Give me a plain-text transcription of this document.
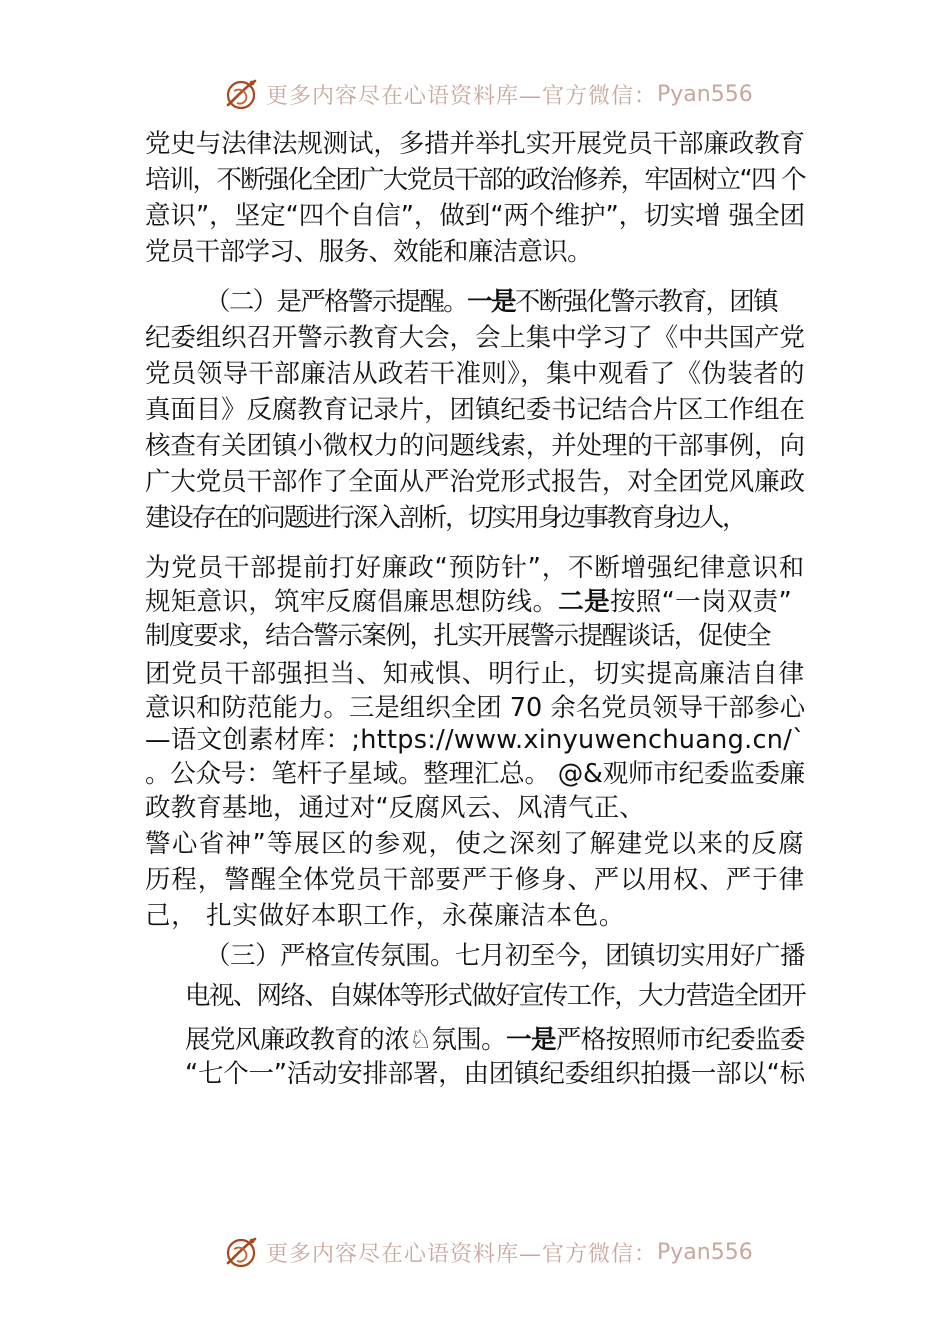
更多内容尽在心语资料库—官方微信： Pyan556
党史与法律法规测试，多措并举扎实开展党员干部廉政教育
培训，不断强化全团广大党员干部的政治修养，牢固树立“四 个
意识”，坚定“四个自信”，做到“两个维护”，切实增 强全团
党员干部学习、服务、效能和廉洁意识。
（二）是严格警示提醒。一是不断强化警示教育，团镇
纪委组织召开警示教育大会，会上集中学习了《中共国产党
党员领导干部廉洁从政若干准则》，集中观看了《伪装者的
真面目》反腐教育记录片，团镇纪委书记结合片区工作组在
核查有关团镇小微权力的问题线索，并处理的干部事例，向
广大党员干部作了全面从严治党形式报告，对全团党风廉政
建设存在的问题进行深入剖析，切实用身边事教育身边人，
为党员干部提前打好廉政“预防针”，不断增强纪律意识和
规矩意识，筑牢反腐倡廉思想防线。二是按照“一岗双责”
制度要求，结合警示案例，扎实开展警示提醒谈话，促使全
团党员干部强担当、知戒惧、明行止，切实提高廉洁自律
意识和防范能力。三是组织全团 70 余名党员领导干部参心
—语文创素材库：;https://www.xinyuwenchuang.cn/`
。公众号：笔杆子星域。整理汇总。 @&观师市纪委监委廉
政教育基地，通过对“反腐风云、风清气正、
警心省神”等展区的参观，使之深刻了解建党以来的反腐
历程，警醒全体党员干部要严于修身、严以用权、严于律
己， 扎实做好本职工作，永葆廉洁本色。
（三）严格宣传氛围。七月初至今，团镇切实用好广播
电视、网络、自媒体等形式做好宣传工作，大力营造全团开
展党风廉政教育的浓♘氛围。一是严格按照师市纪委监委
“七个一”活动安排部署，由团镇纪委组织拍摄一部以“标
更多内容尽在心语资料库—官方微信： Pyan556
